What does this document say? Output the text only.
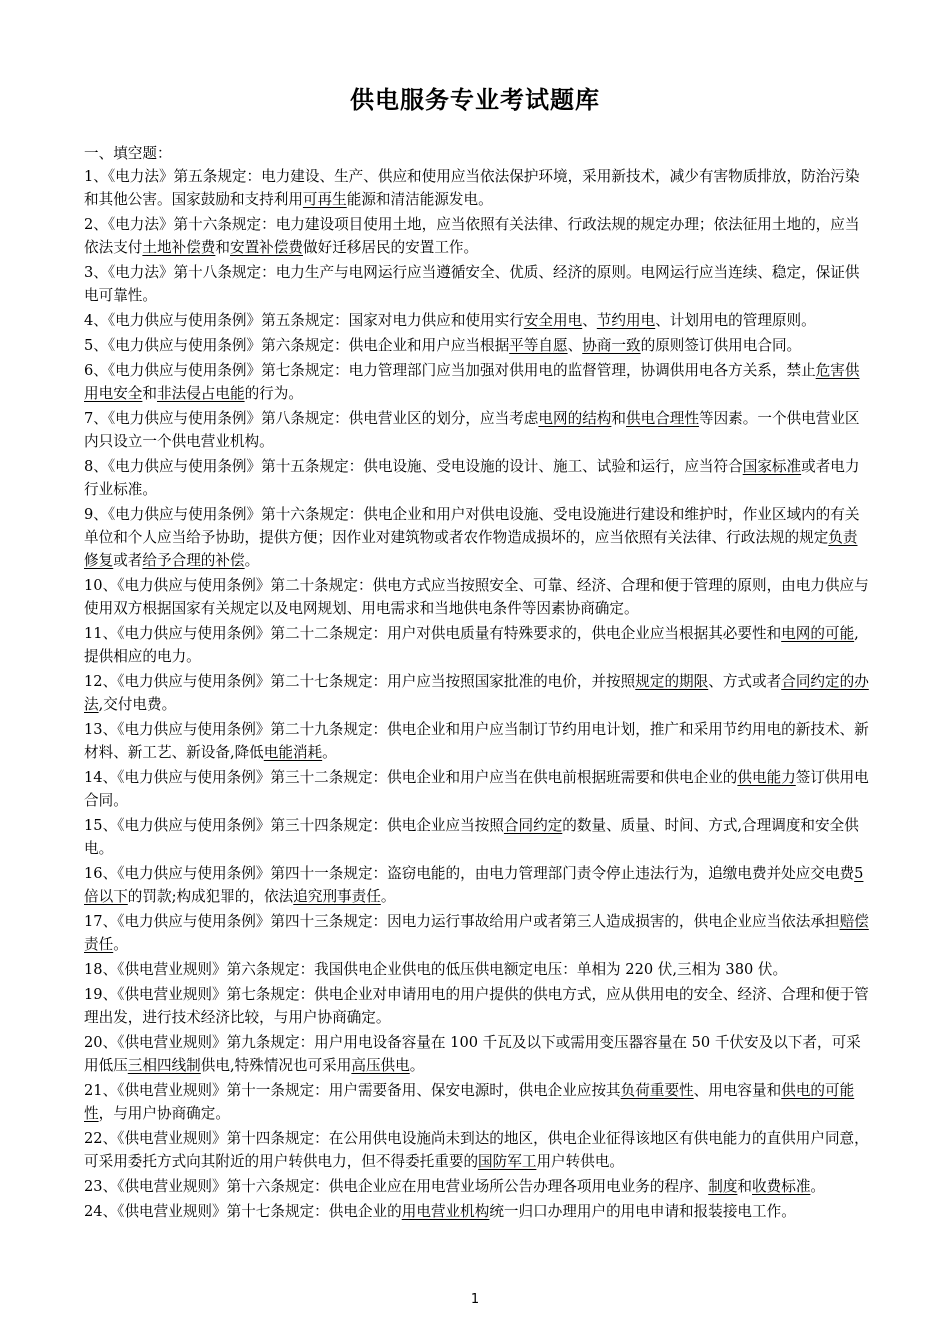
供电服务专业考试题库

一、填空题：

1、《电力法》第五条规定：电力建设、生产、供应和使用应当依法保护环境，采用新技术，减少有害物质排放，防治污染和其他公害。国家鼓励和支持利用可再生能源和清洁能源发电。

2、《电力法》第十六条规定：电力建设项目使用土地，应当依照有关法律、行政法规的规定办理；依法征用土地的，应当依法支付土地补偿费和安置补偿费做好迁移居民的安置工作。

3、《电力法》第十八条规定：电力生产与电网运行应当遵循安全、优质、经济的原则。电网运行应当连续、稳定，保证供电可靠性。

4、《电力供应与使用条例》第五条规定：国家对电力供应和使用实行安全用电、节约用电、计划用电的管理原则。

5、《电力供应与使用条例》第六条规定：供电企业和用户应当根据平等自愿、协商一致的原则签订供用电合同。

6、《电力供应与使用条例》第七条规定：电力管理部门应当加强对供用电的监督管理，协调供用电各方关系，禁止危害供用电安全和非法侵占电能的行为。

7、《电力供应与使用条例》第八条规定：供电营业区的划分，应当考虑电网的结构和供电合理性等因素。一个供电营业区内只设立一个供电营业机构。

8、《电力供应与使用条例》第十五条规定：供电设施、受电设施的设计、施工、试验和运行，应当符合国家标准或者电力行业标准。

9、《电力供应与使用条例》第十六条规定：供电企业和用户对供电设施、受电设施进行建设和维护时，作业区域内的有关单位和个人应当给予协助，提供方便；因作业对建筑物或者农作物造成损坏的，应当依照有关法律、行政法规的规定负责修复或者给予合理的补偿。

10、《电力供应与使用条例》第二十条规定：供电方式应当按照安全、可靠、经济、合理和便于管理的原则，由电力供应与使用双方根据国家有关规定以及电网规划、用电需求和当地供电条件等因素协商确定。

11、《电力供应与使用条例》第二十二条规定：用户对供电质量有特殊要求的，供电企业应当根据其必要性和电网的可能,提供相应的电力。

12、《电力供应与使用条例》第二十七条规定：用户应当按照国家批准的电价，并按照规定的期限、方式或者合同约定的办法,交付电费。

13、《电力供应与使用条例》第二十九条规定：供电企业和用户应当制订节约用电计划，推广和采用节约用电的新技术、新材料、新工艺、新设备,降低电能消耗。

14、《电力供应与使用条例》第三十二条规定：供电企业和用户应当在供电前根据班需要和供电企业的供电能力签订供用电合同。

15、《电力供应与使用条例》第三十四条规定：供电企业应当按照合同约定的数量、质量、时间、方式,合理调度和安全供电。

16、《电力供应与使用条例》第四十一条规定：盗窃电能的，由电力管理部门责令停止违法行为，追缴电费并处应交电费5 倍以下的罚款;构成犯罪的，依法追究刑事责任。

17、《电力供应与使用条例》第四十三条规定：因电力运行事故给用户或者第三人造成损害的，供电企业应当依法承担赔偿责任。

18、《供电营业规则》第六条规定：我国供电企业供电的低压供电额定电压：单相为 220 伏,三相为 380 伏。

19、《供电营业规则》第七条规定：供电企业对申请用电的用户提供的供电方式，应从供用电的安全、经济、合理和便于管理出发，进行技术经济比较，与用户协商确定。

20、《供电营业规则》第九条规定：用户用电设备容量在 100 千瓦及以下或需用变压器容量在 50 千伏安及以下者，可采用低压三相四线制供电,特殊情况也可采用高压供电。

21、《供电营业规则》第十一条规定：用户需要备用、保安电源时，供电企业应按其负荷重要性、用电容量和供电的可能性，与用户协商确定。

22、《供电营业规则》第十四条规定：在公用供电设施尚未到达的地区，供电企业征得该地区有供电能力的直供用户同意，可采用委托方式向其附近的用户转供电力，但不得委托重要的国防军工用户转供电。

23、《供电营业规则》第十六条规定：供电企业应在用电营业场所公告办理各项用电业务的程序、制度和收费标准。

24、《供电营业规则》第十七条规定：供电企业的用电营业机构统一归口办理用户的用电申请和报装接电工作。

1
